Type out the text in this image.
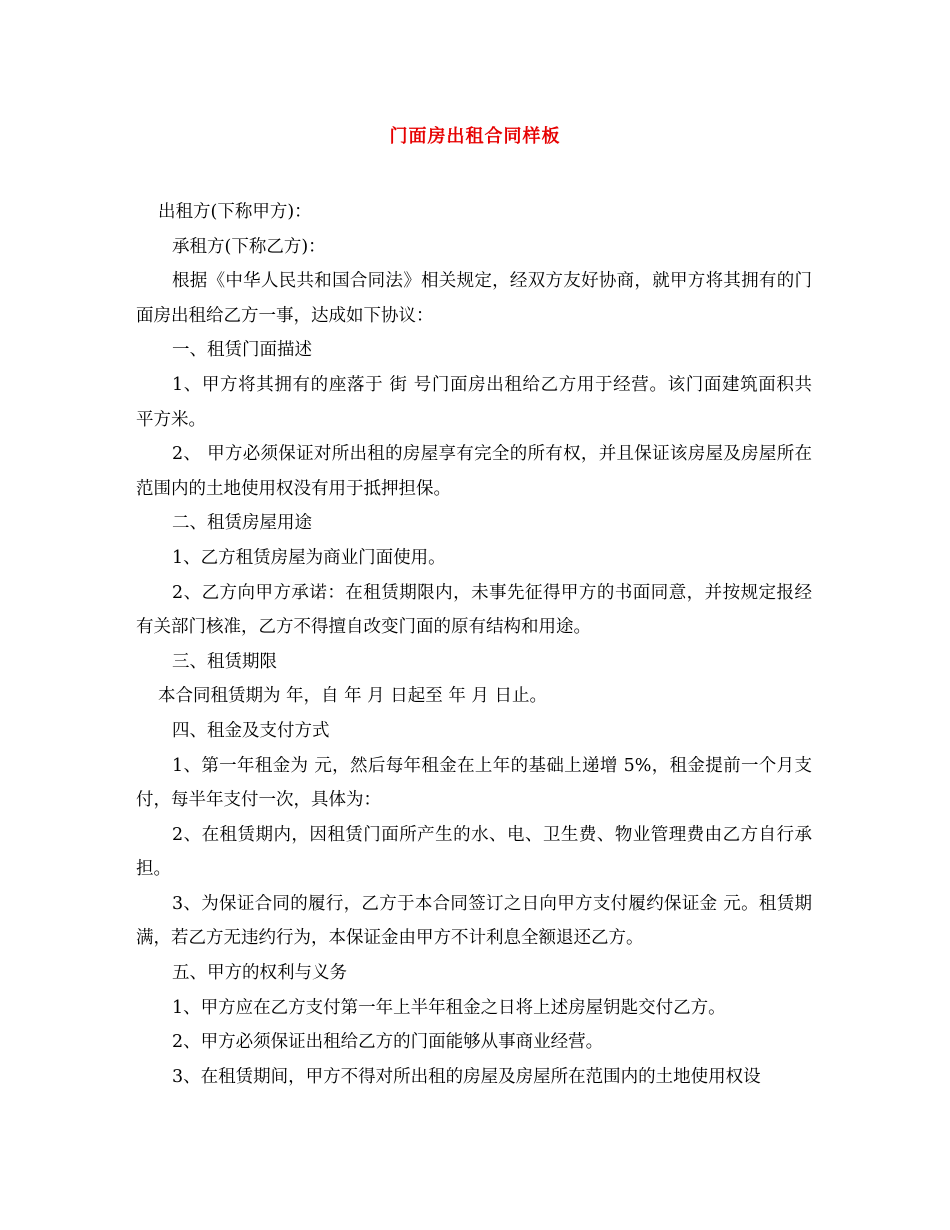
门面房出租合同样板

出租方(下称甲方)：

承租方(下称乙方)：

根据《中华人民共和国合同法》相关规定，经双方友好协商，就甲方将其拥有的门面房出租给乙方一事，达成如下协议：

一、租赁门面描述

1、甲方将其拥有的座落于 街 号门面房出租给乙方用于经营。该门面建筑面积共 平方米。

2、 甲方必须保证对所出租的房屋享有完全的所有权，并且保证该房屋及房屋所在范围内的土地使用权没有用于抵押担保。

二、租赁房屋用途

1、乙方租赁房屋为商业门面使用。

2、乙方向甲方承诺：在租赁期限内，未事先征得甲方的书面同意，并按规定报经有关部门核准，乙方不得擅自改变门面的原有结构和用途。

三、租赁期限

本合同租赁期为 年，自 年 月 日起至 年 月 日止。

四、租金及支付方式

1、第一年租金为 元，然后每年租金在上年的基础上递增 5%，租金提前一个月支付，每半年支付一次，具体为：

2、在租赁期内，因租赁门面所产生的水、电、卫生费、物业管理费由乙方自行承担。

3、为保证合同的履行，乙方于本合同签订之日向甲方支付履约保证金 元。租赁期满，若乙方无违约行为，本保证金由甲方不计利息全额退还乙方。

五、甲方的权利与义务

1、甲方应在乙方支付第一年上半年租金之日将上述房屋钥匙交付乙方。

2、甲方必须保证出租给乙方的门面能够从事商业经营。

3、在租赁期间，甲方不得对所出租的房屋及房屋所在范围内的土地使用权设
